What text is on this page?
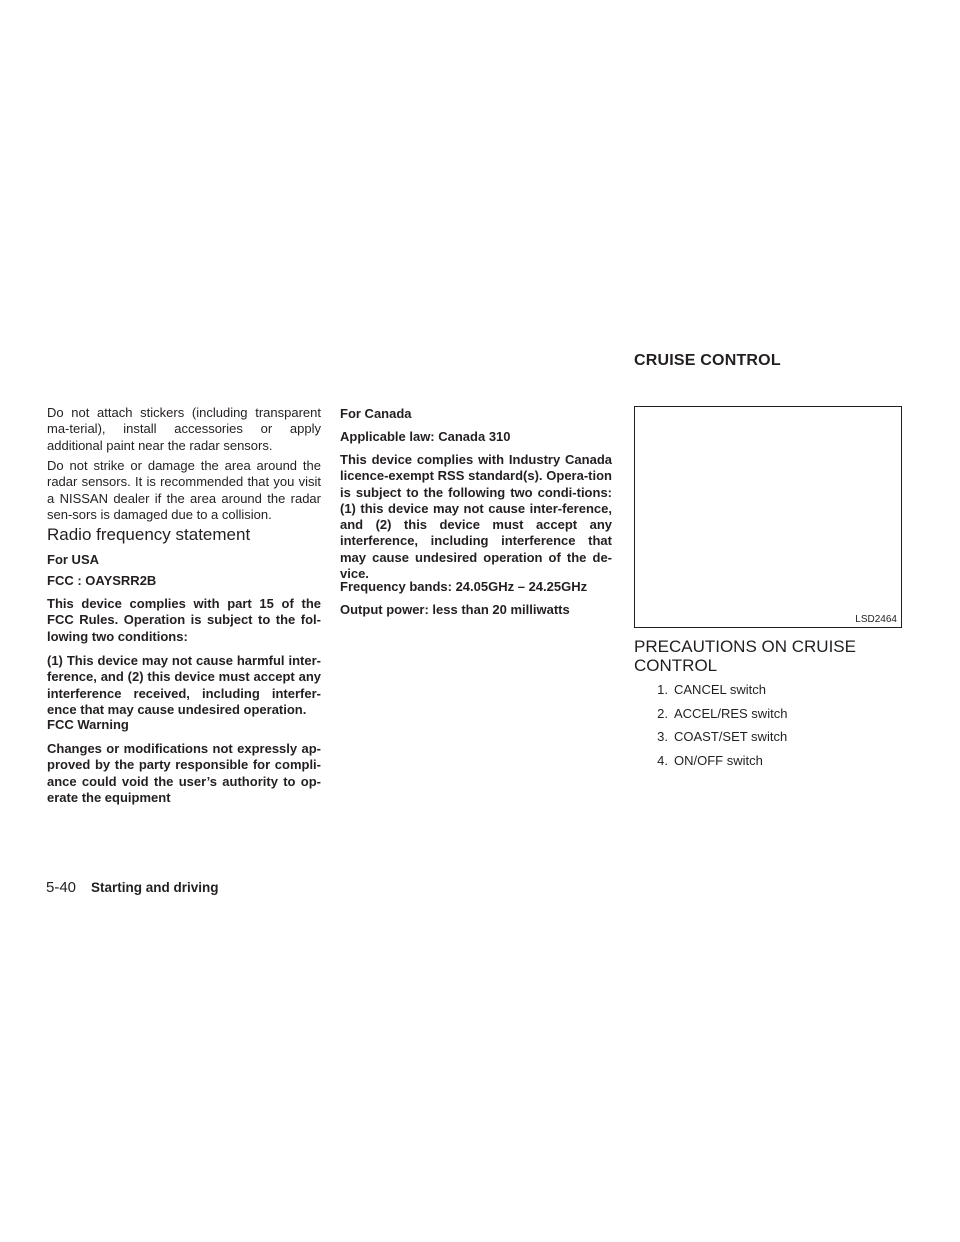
CRUISE CONTROL

Do not attach stickers (including transparent ma-terial), install accessories or apply additional paint near the radar sensors.

Do not strike or damage the area around the radar sensors. It is recommended that you visit a NISSAN dealer if the area around the radar sen-sors is damaged due to a collision.

Radio frequency statement

For USA

FCC : OAYSRR2B

This device complies with part 15 of the FCC Rules. Operation is subject to the fol-lowing two conditions:

(1) This device may not cause harmful inter-ference, and (2) this device must accept any interference received, including interfer-ence that may cause undesired operation.

FCC Warning

Changes or modifications not expressly ap-proved by the party responsible for compli-ance could void the user’s authority to op-erate the equipment

For Canada

Applicable law: Canada 310

This device complies with Industry Canada licence-exempt RSS standard(s). Opera-tion is subject to the following two condi-tions: (1) this device may not cause inter-ference, and (2) this device must accept any interference, including interference that may cause undesired operation of the de-vice.

Frequency bands: 24.05GHz – 24.25GHz

Output power: less than 20 milliwatts

LSD2464
PRECAUTIONS ON CRUISE CONTROL
1. CANCEL switch
2. ACCEL/RES switch
3. COAST/SET switch
4. ON/OFF switch
5-40 Starting and driving
